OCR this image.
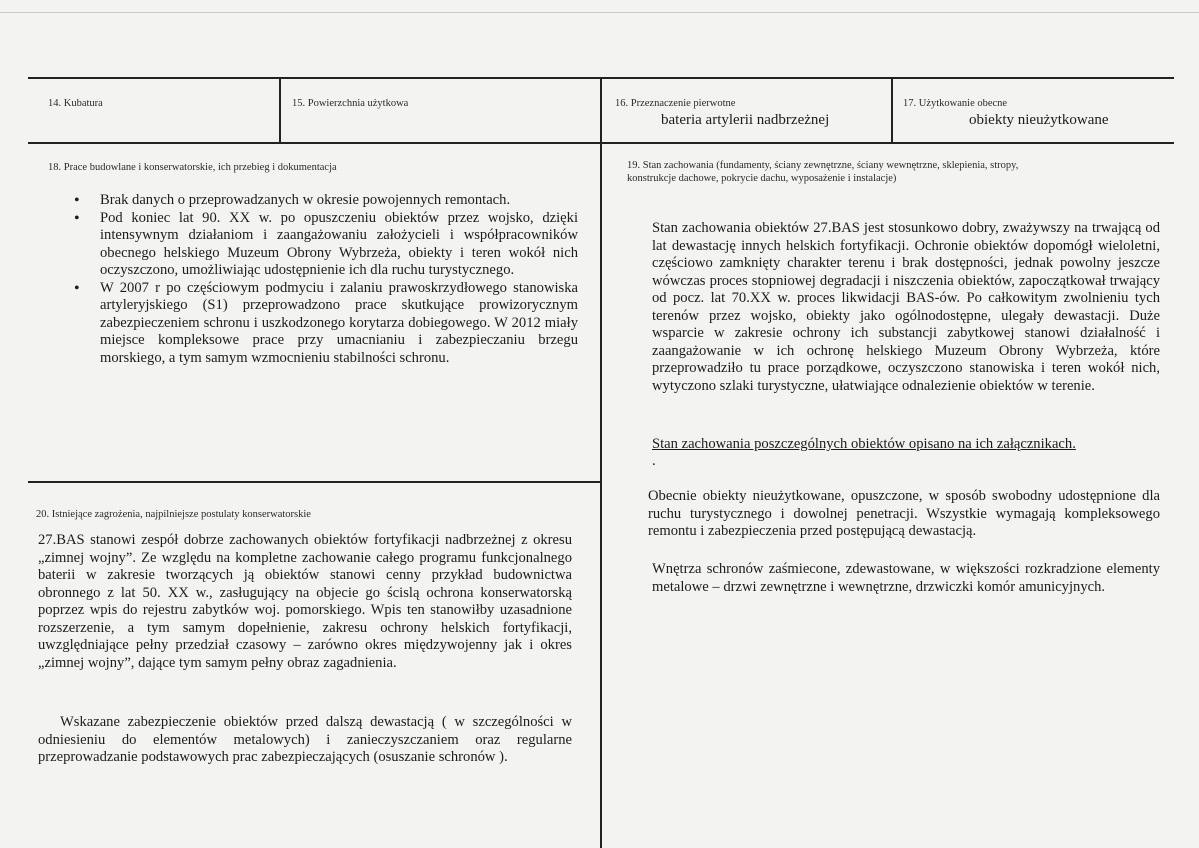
14. Kubatura	15. Powierzchnia użytkowa	16. Przeznaczenie pierwotne
bateria artylerii nadbrzeżnej
17. Użytkowanie obecne
obiekty nieużytkowane
18. Prace budowlane i konserwatorskie, ich przebieg i dokumentacja
• Brak danych o przeprowadzanych w okresie powojennych remontach.
• Pod koniec lat 90. XX w. po opuszczeniu obiektów przez wojsko, dzięki intensywnym działaniom i zaangażowaniu założycieli i współpracowników obecnego helskiego Muzeum Obrony Wybrzeża, obiekty i teren wokół nich oczyszczono, umożliwiając udostępnienie ich dla ruchu turystycznego.
• W 2007 r po częściowym podmyciu i zalaniu prawoskrzydłowego stanowiska artyleryjskiego (S1) przeprowadzono prace skutkujące prowizorycznym zabezpieczeniem schronu i uszkodzonego korytarza dobiegowego. W 2012 miały miejsce kompleksowe prace przy umacnianiu i zabezpieczaniu brzegu morskiego, a tym samym wzmocnieniu stabilności schronu.
19. Stan zachowania (fundamenty, ściany zewnętrzne, ściany wewnętrzne, sklepienia, stropy,
konstrukcje dachowe, pokrycie dachu, wyposażenie i instalacje)
Stan zachowania obiektów 27.BAS jest stosunkowo dobry, zważywszy na trwającą od lat dewastację innych helskich fortyfikacji. Ochronie obiektów dopomógł wieloletni, częściowo zamknięty charakter terenu i brak dostępności, jednak powolny jeszcze wówczas proces stopniowej degradacji i niszczenia obiektów, zapoczątkował trwający od pocz. lat 70.XX w. proces likwidacji BAS-ów. Po całkowitym zwolnieniu tych terenów przez wojsko, obiekty jako ogólnodostępne, ulegały dewastacji. Duże wsparcie w zakresie ochrony ich substancji zabytkowej stanowi działalność i zaangażowanie w ich ochronę helskiego Muzeum Obrony Wybrzeża, które przeprowadziło tu prace porządkowe, oczyszczono stanowiska i teren wokół nich, wytyczono szlaki turystyczne, ułatwiające odnalezienie obiektów w terenie.
Stan zachowania poszczególnych obiektów opisano na ich załącznikach.
.
Obecnie obiekty nieużytkowane, opuszczone, w sposób swobodny udostępnione dla ruchu turystycznego i dowolnej penetracji. Wszystkie wymagają kompleksowego remontu i zabezpieczenia przed postępującą dewastacją.
Wnętrza schronów zaśmiecone, zdewastowane, w większości rozkradzione elementy metalowe – drzwi zewnętrzne i wewnętrzne, drzwiczki komór amunicyjnych.
20. Istniejące zagrożenia, najpilniejsze postulaty konserwatorskie
27.BAS stanowi zespół dobrze zachowanych obiektów fortyfikacji nadbrzeżnej z okresu „zimnej wojny”. Ze względu na kompletne zachowanie całego programu funkcjonalnego baterii w zakresie tworzących ją obiektów stanowi cenny przykład budownictwa obronnego z lat 50. XX w., zasługujący na objecie go ścislą ochrona konserwatorską poprzez wpis do rejestru zabytków woj. pomorskiego. Wpis ten stanowiłby uzasadnione rozszerzenie, a tym samym dopełnienie, zakresu ochrony helskich fortyfikacji, uwzględniające pełny przedział czasowy – zarówno okres międzywojenny jak i okres „zimnej wojny”, dające tym samym pełny obraz zagadnienia.
Wskazane zabezpieczenie obiektów przed dalszą dewastacją ( w szczególności w odniesieniu do elementów metalowych) i zanieczyszczaniem oraz regularne przeprowadzanie podstawowych prac zabezpieczających (osuszanie schronów ).
